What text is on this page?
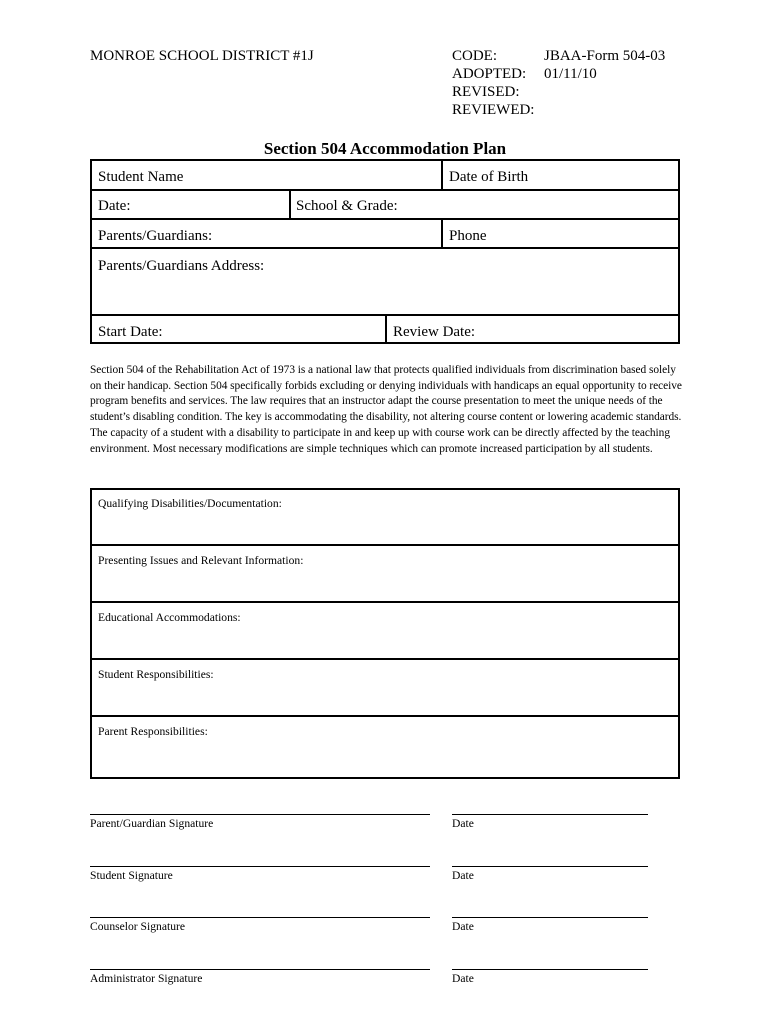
MONROE SCHOOL DISTRICT #1J	CODE:	JBAA-Form 504-03
ADOPTED: 01/11/10
REVISED:
REVIEWED:
Section 504 Accommodation Plan
Student Name	Date of Birth
Date:	School & Grade:
Parents/Guardians:	Phone
Parents/Guardians Address:
Start Date:	Review Date:
Section 504 of the Rehabilitation Act of 1973 is a national law that protects qualified individuals from discrimination based solely on their handicap. Section 504 specifically forbids excluding or denying individuals with handicaps an equal opportunity to receive program benefits and services. The law requires that an instructor adapt the course presentation to meet the unique needs of the student’s disabling condition. The key is accommodating the disability, not altering course content or lowering academic standards. The capacity of a student with a disability to participate in and keep up with course work can be directly affected by the teaching environment. Most necessary modifications are simple techniques which can promote increased participation by all students.
Qualifying Disabilities/Documentation:
Presenting Issues and Relevant Information:
Educational Accommodations:
Student Responsibilities:
Parent Responsibilities:
Parent/Guardian Signature	Date
Student Signature	Date
Counselor Signature	Date
Administrator Signature	Date
